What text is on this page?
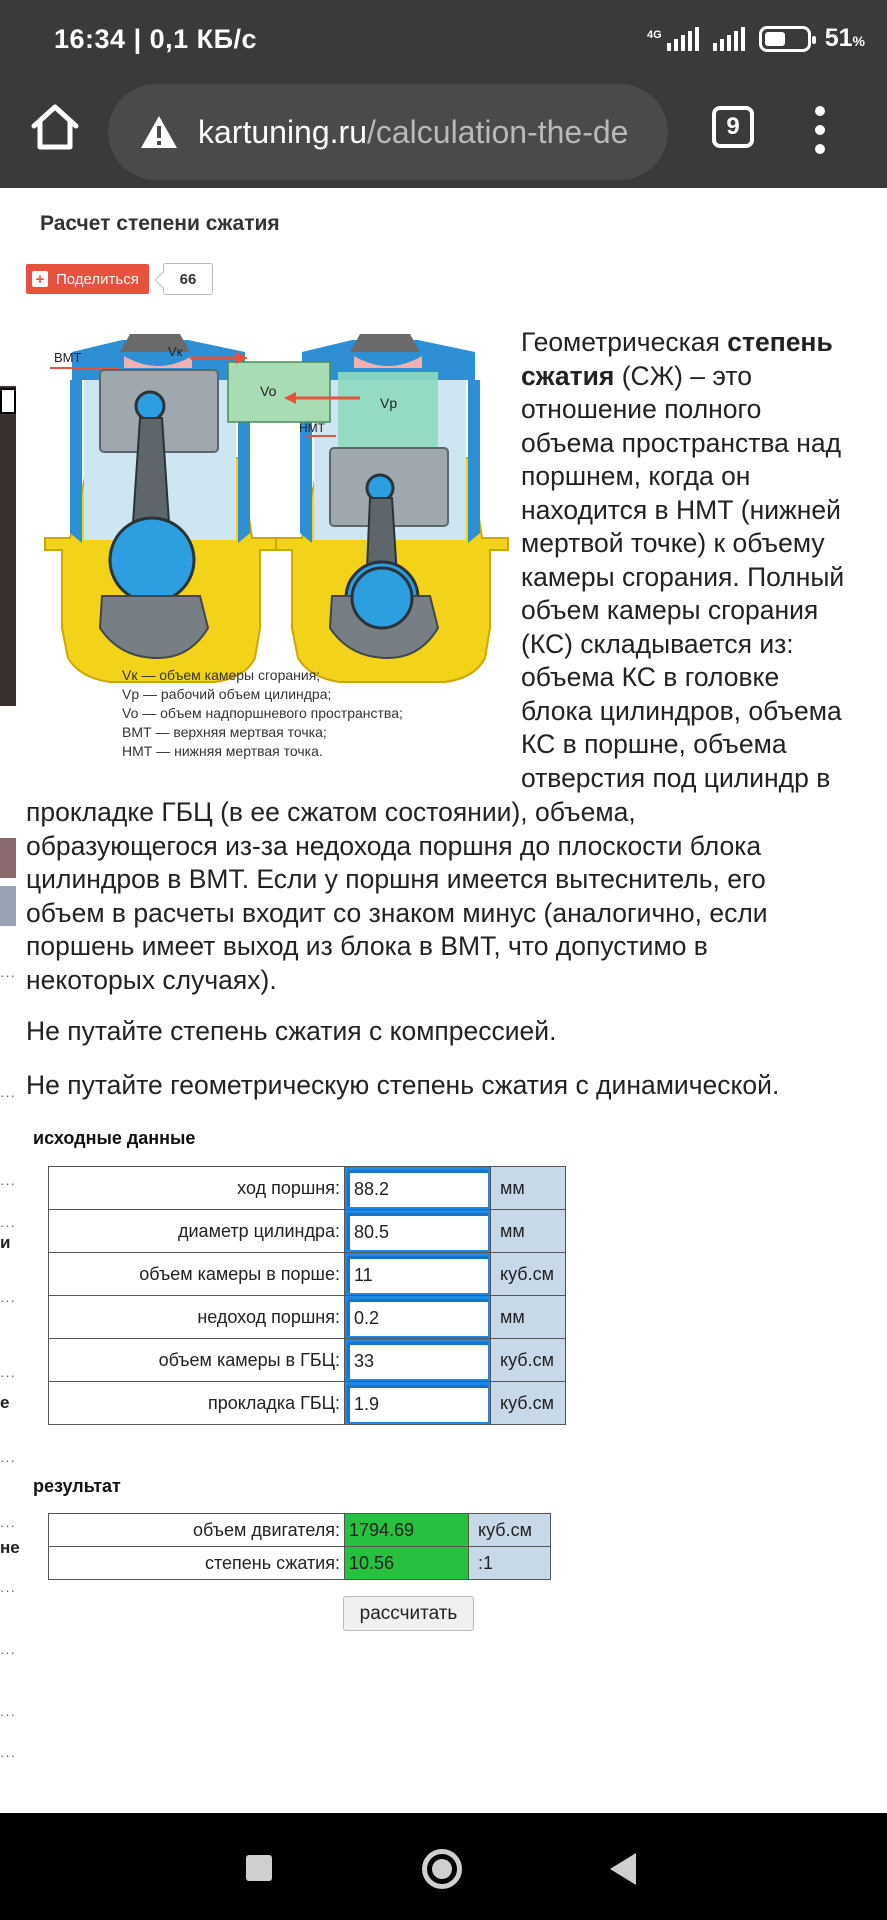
16:34 | 0,1 КБ/с	4G	51%
kartuning.ru/calculation-the-de	9
···
···
···
···
и
···
···
е
···
···
не
···
···
···
···
Расчет степени сжатия
+ Поделиться	66
ВМТ	Vк
Vo
Vp
НМТ
Vк — объем камеры сгорания;
Vp — рабочий объем цилиндра;
Vo — объем надпоршневого пространства;
ВМТ — верхняя мертвая точка;
НМТ — нижняя мертвая точка.
Геометрическая степень
сжатия (СЖ) – это
отношение полного
объема пространства над
поршнем, когда он
находится в НМТ (нижней
мертвой точке) к объему
камеры сгорания. Полный
объем камеры сгорания
(КС) складывается из:
объема КС в головке
блока цилиндров, объема
КС в поршне, объема
отверстия под цилиндр в
прокладке ГБЦ (в ее сжатом состоянии), объема,
образующегося из-за недохода поршня до плоскости блока
цилиндров в ВМТ. Если у поршня имеется вытеснитель, его
объем в расчеты входит со знаком минус (аналогично, если
поршень имеет выход из блока в ВМТ, что допустимо в
некоторых случаях).
Не путайте степень сжатия с компрессией.
Не путайте геометрическую степень сжатия с динамической.
исходные данные
ход поршня:	88.2	мм
диаметр цилиндра:	80.5	мм
объем камеры в порше:	11	куб.см
недоход поршня:	0.2	мм
объем камеры в ГБЦ:	33	куб.см
прокладка ГБЦ:	1.9	куб.см
результат
объем двигателя:	1794.69	куб.см
степень сжатия:	10.56	:1
рассчитать
